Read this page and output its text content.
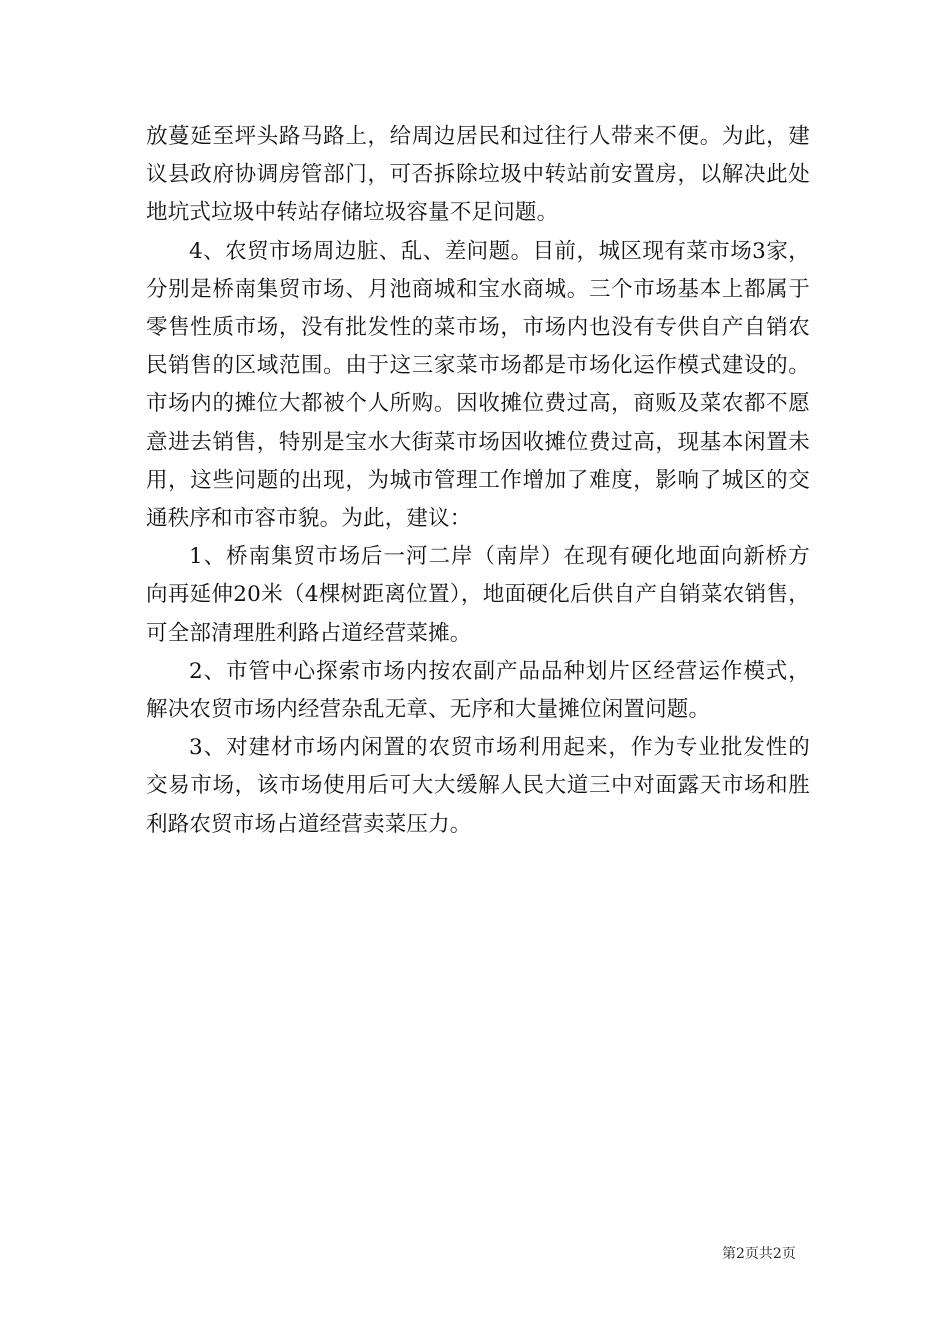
放蔓延至坪头路马路上，给周边居民和过往行人带来不便。为此，建议县政府协调房管部门，可否拆除垃圾中转站前安置房，以解决此处地坑式垃圾中转站存储垃圾容量不足问题。

4、农贸市场周边脏、乱、差问题。目前，城区现有菜市场3家，分别是桥南集贸市场、月池商城和宝水商城。三个市场基本上都属于零售性质市场，没有批发性的菜市场，市场内也没有专供自产自销农民销售的区域范围。由于这三家菜市场都是市场化运作模式建设的。市场内的摊位大都被个人所购。因收摊位费过高，商贩及菜农都不愿意进去销售，特别是宝水大街菜市场因收摊位费过高，现基本闲置未用，这些问题的出现，为城市管理工作增加了难度，影响了城区的交通秩序和市容市貌。为此，建议：

1、桥南集贸市场后一河二岸（南岸）在现有硬化地面向新桥方向再延伸20米（4棵树距离位置），地面硬化后供自产自销菜农销售，可全部清理胜利路占道经营菜摊。

2、市管中心探索市场内按农副产品品种划片区经营运作模式，解决农贸市场内经营杂乱无章、无序和大量摊位闲置问题。

3、对建材市场内闲置的农贸市场利用起来，作为专业批发性的交易市场，该市场使用后可大大缓解人民大道三中对面露天市场和胜利路农贸市场占道经营卖菜压力。

第2页共2页
